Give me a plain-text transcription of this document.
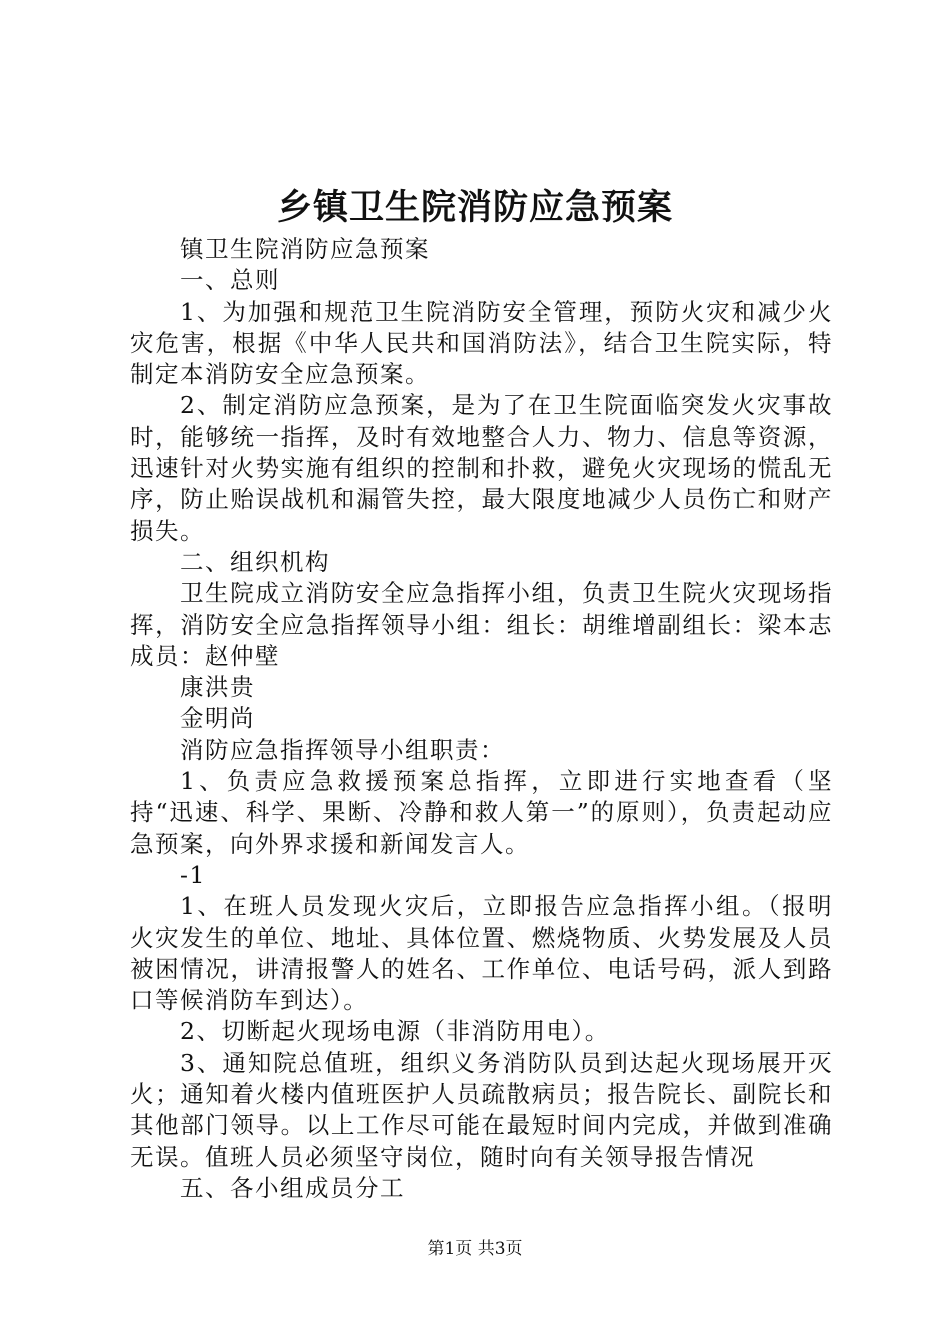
乡镇卫生院消防应急预案

镇卫生院消防应急预案

一、总则

1、为加强和规范卫生院消防安全管理，预防火灾和减少火灾危害，根据《中华人民共和国消防法》，结合卫生院实际，特制定本消防安全应急预案。

2、制定消防应急预案，是为了在卫生院面临突发火灾事故时，能够统一指挥，及时有效地整合人力、物力、信息等资源，迅速针对火势实施有组织的控制和扑救，避免火灾现场的慌乱无序，防止贻误战机和漏管失控，最大限度地减少人员伤亡和财产损失。

二、组织机构

卫生院成立消防安全应急指挥小组，负责卫生院火灾现场指挥，消防安全应急指挥领导小组：组长：胡维增副组长：梁本志成员：赵仲壁

康洪贵

金明尚

消防应急指挥领导小组职责：

1、负责应急救援预案总指挥，立即进行实地查看（坚持“迅速、科学、果断、冷静和救人第一”的原则），负责起动应急预案，向外界求援和新闻发言人。

-1

1、在班人员发现火灾后，立即报告应急指挥小组。（报明火灾发生的单位、地址、具体位置、燃烧物质、火势发展及人员被困情况，讲清报警人的姓名、工作单位、电话号码，派人到路口等候消防车到达）。

2、切断起火现场电源（非消防用电）。

3、通知院总值班，组织义务消防队员到达起火现场展开灭火；通知着火楼内值班医护人员疏散病员；报告院长、副院长和其他部门领导。以上工作尽可能在最短时间内完成，并做到准确无误。值班人员必须坚守岗位，随时向有关领导报告情况

五、各小组成员分工

第1页 共3页
